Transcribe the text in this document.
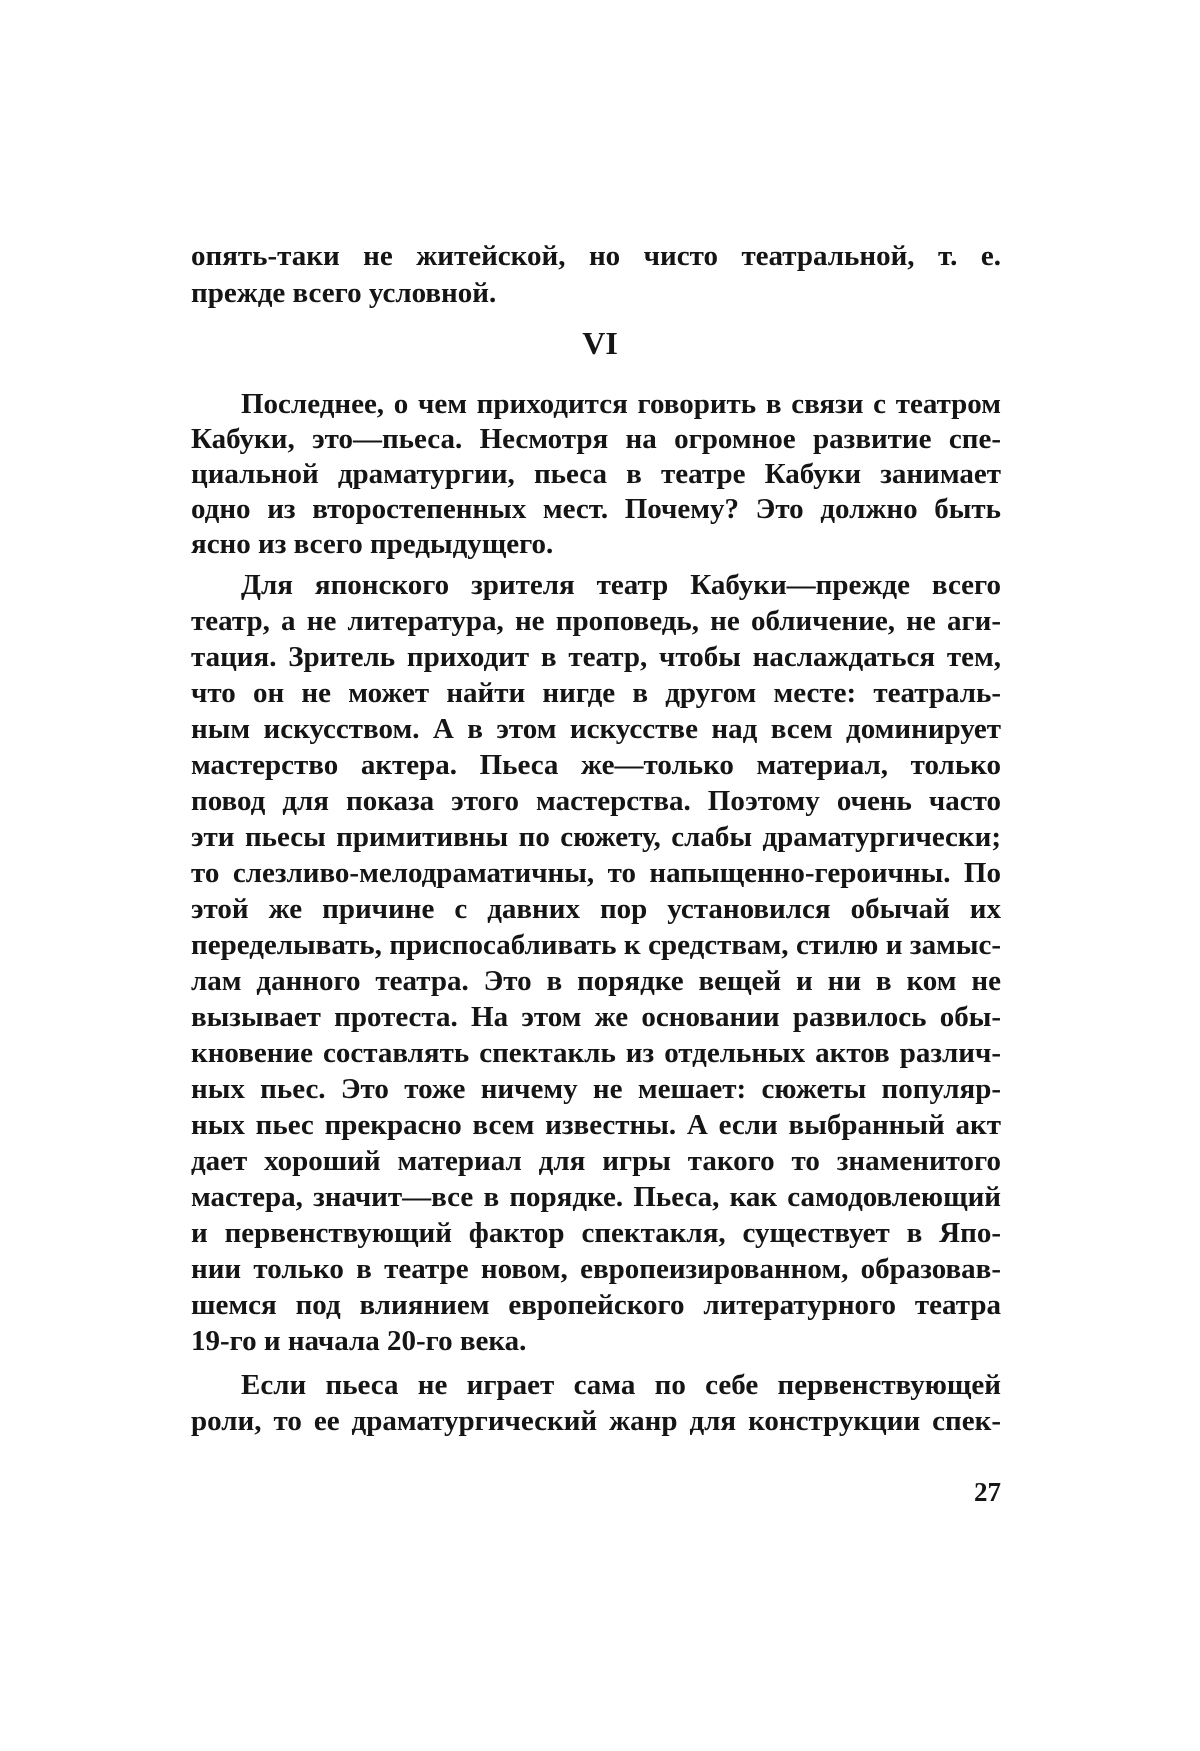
опять-таки не житейской, но чисто театральной, т. е.
прежде всего условной.
VI
Последнее, о чем приходится говорить в связи с театром
Кабуки, это—пьеса. Несмотря на огромное развитие спе-
циальной драматургии, пьеса в театре Кабуки занимает
одно из второстепенных мест. Почему? Это должно быть
ясно из всего предыдущего.
Для японского зрителя театр Кабуки—прежде всего
театр, а не литература, не проповедь, не обличение, не аги-
тация. Зритель приходит в театр, чтобы наслаждаться тем,
что он не может найти нигде в другом месте: театраль-
ным искусством. А в этом искусстве над всем доминирует
мастерство актера. Пьеса же—только материал, только
повод для показа этого мастерства. Поэтому очень часто
эти пьесы примитивны по сюжету, слабы драматургически;
то слезливо-мелодраматичны, то напыщенно-героичны. По
этой же причине с давних пор установился обычай их
переделывать, приспосабливать к средствам, стилю и замыс-
лам данного театра. Это в порядке вещей и ни в ком не
вызывает протеста. На этом же основании развилось обы-
кновение составлять спектакль из отдельных актов различ-
ных пьес. Это тоже ничему не мешает: сюжеты популяр-
ных пьес прекрасно всем известны. А если выбранный акт
дает хороший материал для игры такого то знаменитого
мастера, значит—все в порядке. Пьеса, как самодовлеющий
и первенствующий фактор спектакля, существует в Япо-
нии только в театре новом, европеизированном, образовав-
шемся под влиянием европейского литературного театра
19-го и начала 20-го века.
Если пьеса не играет сама по себе первенствующей
роли, то ее драматургический жанр для конструкции спек-
27
